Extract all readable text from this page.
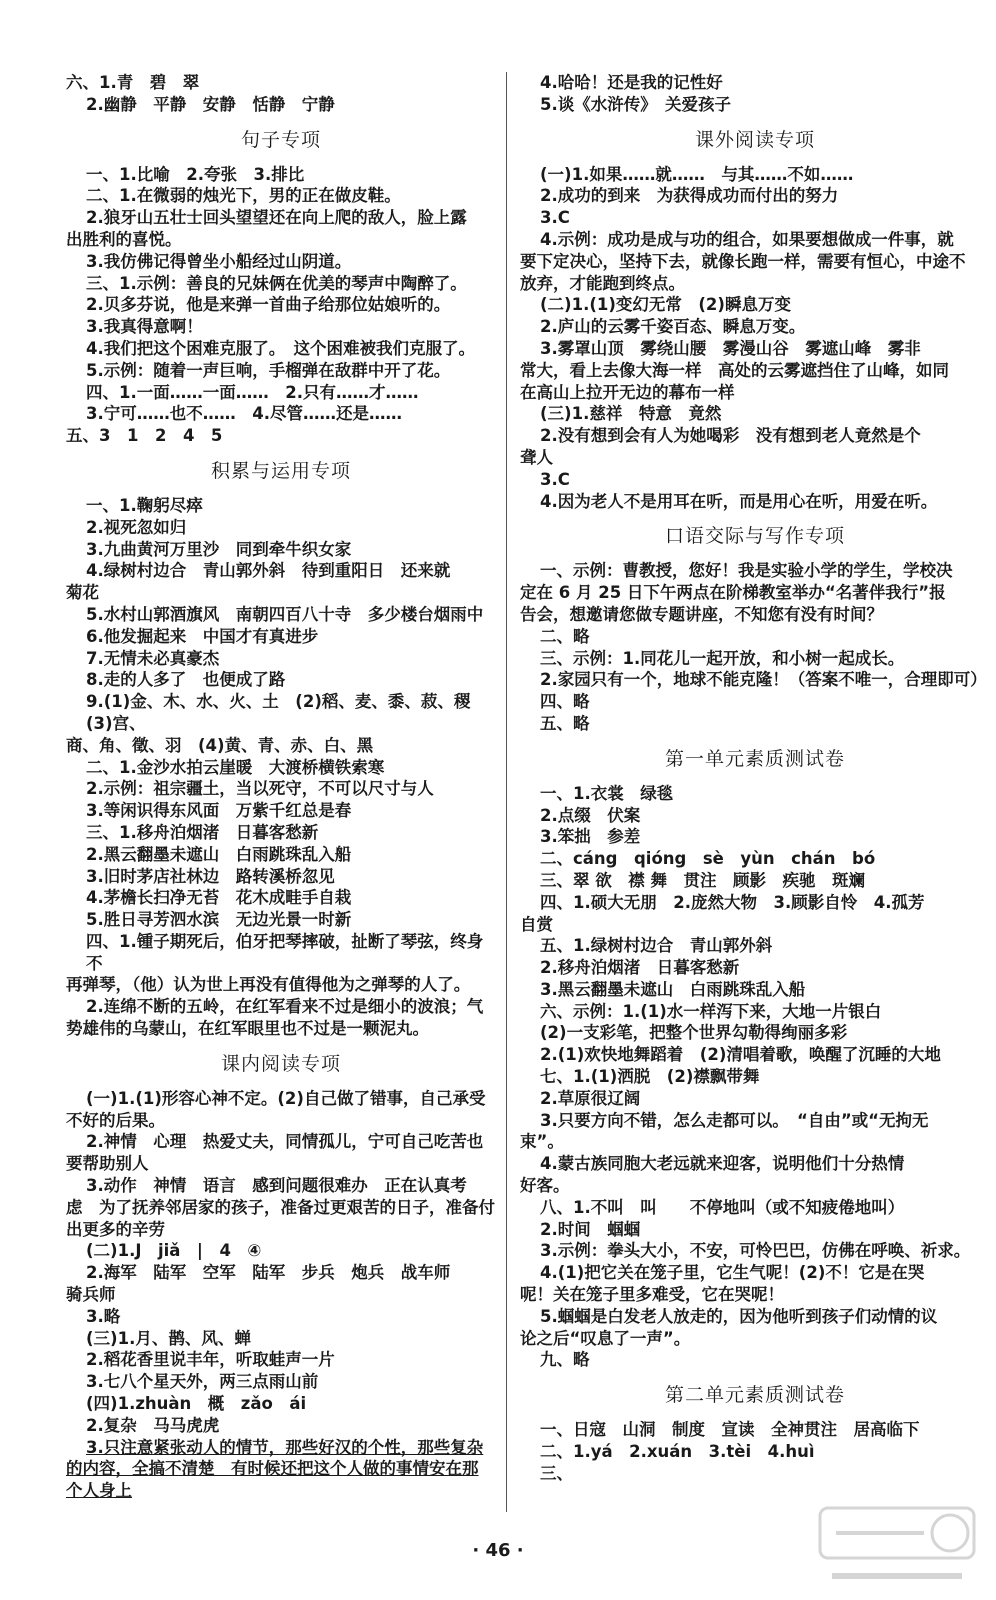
六、1.青　碧　翠
2.幽静　平静　安静　恬静　宁静
句子专项
一、1.比喻　2.夸张　3.排比
二、1.在微弱的烛光下，男的正在做皮鞋。
2.狼牙山五壮士回头望望还在向上爬的敌人，脸上露
出胜利的喜悦。
3.我仿佛记得曾坐小船经过山阴道。
三、1.示例：善良的兄妹俩在优美的琴声中陶醉了。
2.贝多芬说，他是来弹一首曲子给那位姑娘听的。
3.我真得意啊！
4.我们把这个困难克服了。　这个困难被我们克服了。
5.示例：随着一声巨响，手榴弹在敌群中开了花。
四、1.一面……一面……　2.只有……才……
3.宁可……也不……　4.尽管……还是……
五、3　1　2　4　5
积累与运用专项
一、1.鞠躬尽瘁
2.视死忽如归
3.九曲黄河万里沙　同到牵牛织女家
4.绿树村边合　青山郭外斜　待到重阳日　还来就
菊花
5.水村山郭酒旗风　南朝四百八十寺　多少楼台烟雨中
6.他发掘起来　中国才有真进步
7.无情未必真豪杰
8.走的人多了　也便成了路
9.(1)金、木、水、火、土　(2)稻、麦、黍、菽、稷　(3)宫、
商、角、徵、羽　(4)黄、青、赤、白、黑
二、1.金沙水拍云崖暖　大渡桥横铁索寒
2.示例：祖宗疆土，当以死守，不可以尺寸与人
3.等闲识得东风面　万紫千红总是春
三、1.移舟泊烟渚　日暮客愁新
2.黑云翻墨未遮山　白雨跳珠乱入船
3.旧时茅店社林边　路转溪桥忽见
4.茅檐长扫净无苔　花木成畦手自栽
5.胜日寻芳泗水滨　无边光景一时新
四、1.锺子期死后，伯牙把琴摔破，扯断了琴弦，终身不
再弹琴，（他）认为世上再没有值得他为之弹琴的人了。
2.连绵不断的五岭，在红军看来不过是细小的波浪；气
势雄伟的乌蒙山，在红军眼里也不过是一颗泥丸。
课内阅读专项
(一)1.(1)形容心神不定。(2)自己做了错事，自己承受
不好的后果。
2.神情　心理　热爱丈夫，同情孤儿，宁可自己吃苦也
要帮助别人
3.动作　神情　语言　感到问题很难办　正在认真考
虑　为了抚养邻居家的孩子，准备过更艰苦的日子，准备付
出更多的辛劳
(二)1.J　jiǎ　|　4　④
2.海军　陆军　空军　陆军　步兵　炮兵　战车师
骑兵师
3.略
(三)1.月、鹊、风、蝉
2.稻花香里说丰年，听取蛙声一片
3.七八个星天外，两三点雨山前
(四)1.zhuàn　概　zǎo　ái
2.复杂　马马虎虎
3.只注意紧张动人的情节，那些好汉的个性，那些复杂
的内容，全搞不清楚　有时候还把这个人做的事情安在那
个人身上
4.哈哈！还是我的记性好
5.谈《水浒传》　关爱孩子
课外阅读专项
(一)1.如果……就……　与其……不如……
2.成功的到来　为获得成功而付出的努力
3.C
4.示例：成功是成与功的组合，如果要想做成一件事，就
要下定决心，坚持下去，就像长跑一样，需要有恒心，中途不
放弃，才能跑到终点。
(二)1.(1)变幻无常　(2)瞬息万变
2.庐山的云雾千姿百态、瞬息万变。
3.雾罩山顶　雾绕山腰　雾漫山谷　雾遮山峰　雾非
常大，看上去像大海一样　高处的云雾遮挡住了山峰，如同
在高山上拉开无边的幕布一样
(三)1.慈祥　特意　竟然
2.没有想到会有人为她喝彩　没有想到老人竟然是个
聋人
3.C
4.因为老人不是用耳在听，而是用心在听，用爱在听。
口语交际与写作专项
一、示例：曹教授，您好！我是实验小学的学生，学校决
定在 6 月 25 日下午两点在阶梯教室举办“名著伴我行”报
告会，想邀请您做专题讲座，不知您有没有时间？
二、略
三、示例：1.同花儿一起开放，和小树一起成长。
2.家园只有一个，地球不能克隆！（答案不唯一，合理即可）
四、略
五、略
第一单元素质测试卷
一、1.衣裳　绿毯
2.点缀　伏案
3.笨拙　参差
二、cáng　qióng　sè　yùn　chán　bó
三、翠 欲　襟 舞　贯注　顾影　疾驰　斑斓
四、1.硕大无朋　2.庞然大物　3.顾影自怜　4.孤芳
自赏
五、1.绿树村边合　青山郭外斜
2.移舟泊烟渚　日暮客愁新
3.黑云翻墨未遮山　白雨跳珠乱入船
六、示例：1.(1)水一样泻下来，大地一片银白
(2)一支彩笔，把整个世界勾勒得绚丽多彩
2.(1)欢快地舞蹈着　(2)清唱着歌，唤醒了沉睡的大地
七、1.(1)洒脱　(2)襟飘带舞
2.草原很辽阔
3.只要方向不错，怎么走都可以。　“自由”或“无拘无
束”。
4.蒙古族同胞大老远就来迎客，说明他们十分热情
好客。
八、1.不叫　叫　　不停地叫（或不知疲倦地叫）
2.时间　蝈蝈
3.示例：拳头大小，不安，可怜巴巴，仿佛在呼唤、祈求。
4.(1)把它关在笼子里，它生气呢！(2)不！它是在哭
呢！关在笼子里多难受，它在哭呢！
5.蝈蝈是白发老人放走的，因为他听到孩子们动情的议
论之后“叹息了一声”。
九、略
第二单元素质测试卷
一、日寇　山洞　制度　宣读　全神贯注　居高临下
二、1.yá　2.xuán　3.tèi　4.huì
三、
· 46 ·
